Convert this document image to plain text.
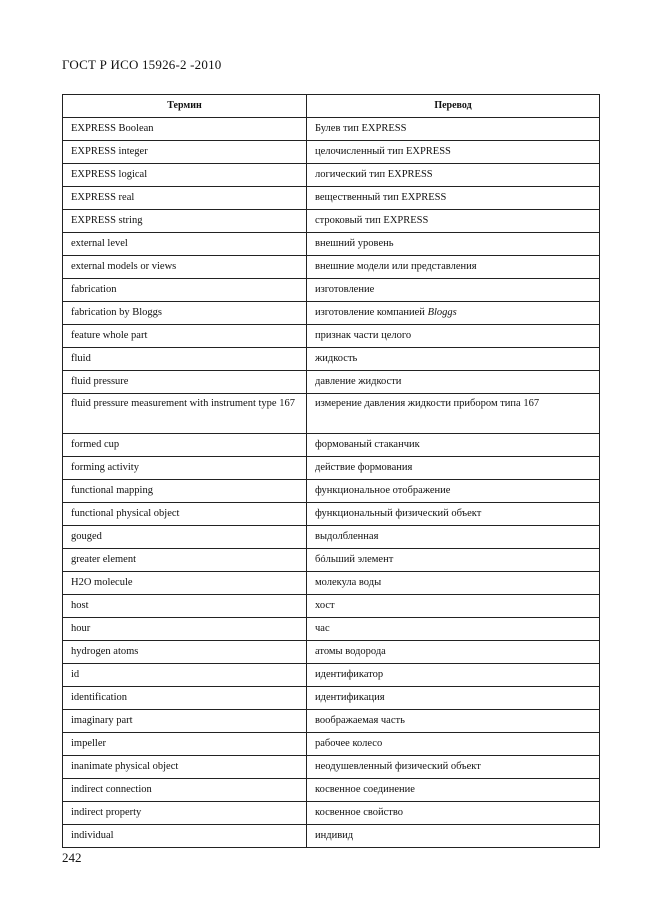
ГОСТ Р ИСО 15926-2 -2010
Термин	Перевод
EXPRESS Boolean	Булев тип EXPRESS
EXPRESS integer	целочисленный тип EXPRESS
EXPRESS logical	логический тип EXPRESS
EXPRESS real	вещественный тип EXPRESS
EXPRESS string	строковый тип EXPRESS
external level	внешний уровень
external models or views	внешние модели или представления
fabrication	изготовление
fabrication by Bloggs	изготовление компанией Bloggs
feature whole part	признак части целого
fluid	жидкость
fluid pressure	давление жидкости
fluid pressure measurement with instrument type 167	измерение давления жидкости прибором типа 167
formed cup	формованый стаканчик
forming activity	действие формования
functional mapping	функциональное отображение
functional physical object	функциональный физический объект
gouged	выдолбленная
greater element	бóльший элемент
H2O molecule	молекула воды
host	хост
hour	час
hydrogen atoms	атомы водорода
id	идентификатор
identification	идентификация
imaginary part	воображаемая часть
impeller	рабочее колесо
inanimate physical object	неодушевленный физический объект
indirect connection	косвенное соединение
indirect property	косвенное свойство
individual	индивид
242
